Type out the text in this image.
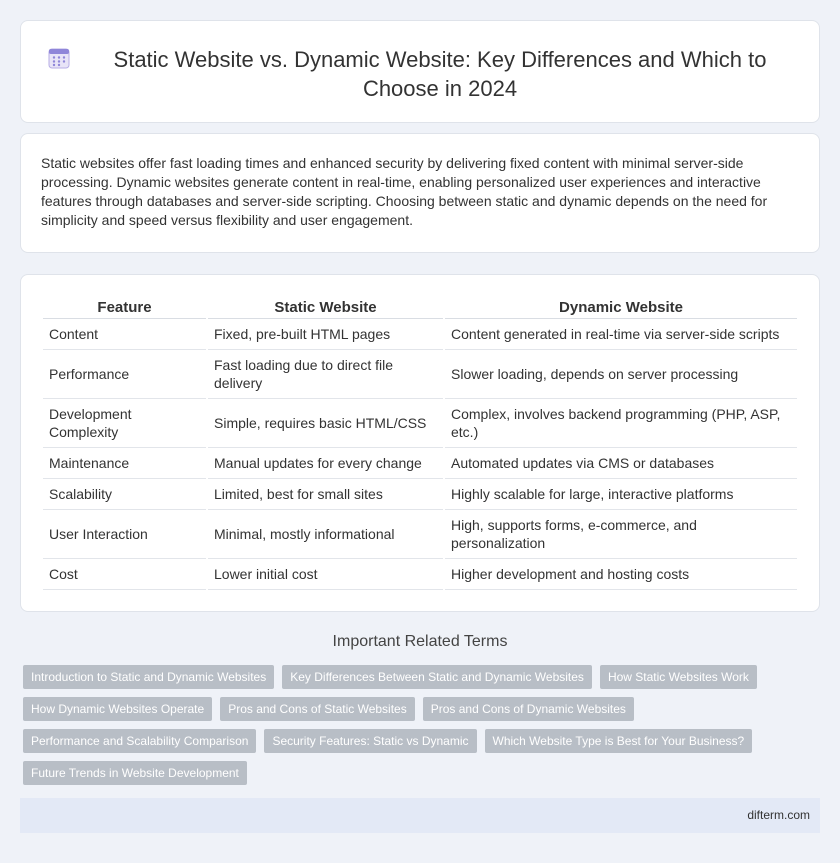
Static Website vs. Dynamic Website: Key Differences and Which to Choose in 2024

Static websites offer fast loading times and enhanced security by delivering fixed content with minimal server-side processing. Dynamic websites generate content in real-time, enabling personalized user experiences and interactive features through databases and server-side scripting. Choosing between static and dynamic depends on the need for simplicity and speed versus flexibility and user engagement.

Feature	Static Website	Dynamic Website
Content	Fixed, pre-built HTML pages	Content generated in real-time via server-side scripts
Performance	Fast loading due to direct file delivery	Slower loading, depends on server processing
Development Complexity	Simple, requires basic HTML/CSS	Complex, involves backend programming (PHP, ASP, etc.)
Maintenance	Manual updates for every change	Automated updates via CMS or databases
Scalability	Limited, best for small sites	Highly scalable for large, interactive platforms
User Interaction	Minimal, mostly informational	High, supports forms, e-commerce, and personalization
Cost	Lower initial cost	Higher development and hosting costs
Important Related Terms
Introduction to Static and Dynamic Websites	Key Differences Between Static and Dynamic Websites	How Static Websites Work
How Dynamic Websites Operate	Pros and Cons of Static Websites	Pros and Cons of Dynamic Websites
Performance and Scalability Comparison	Security Features: Static vs Dynamic	Which Website Type is Best for Your Business?
Future Trends in Website Development
difterm.com
